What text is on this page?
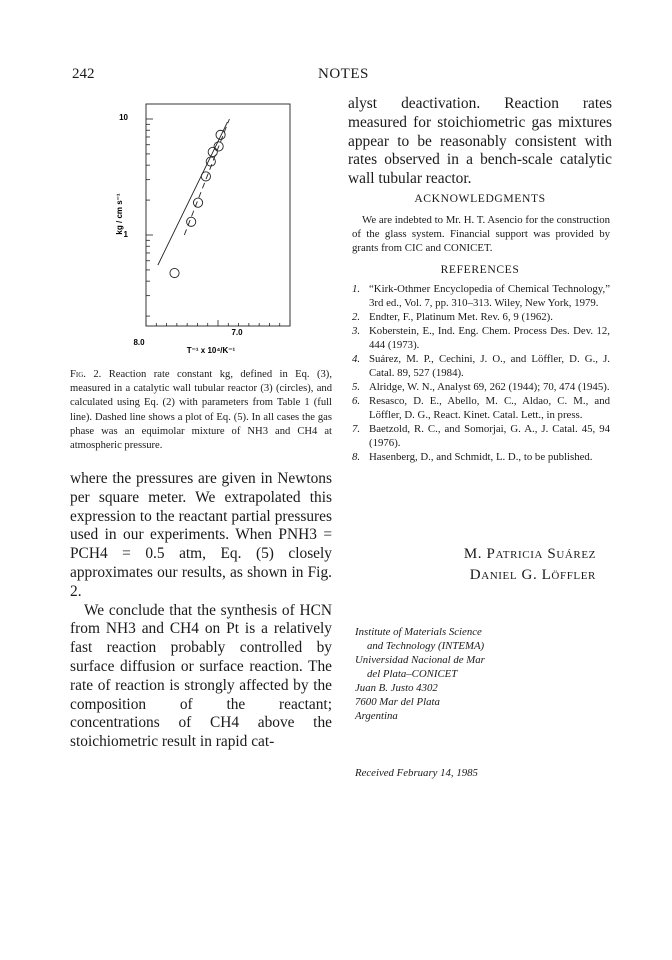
242	NOTES
10
1
8.0
7.0
T⁻¹ x 10⁴/K⁻¹
kg / cm s⁻¹
Fig. 2. Reaction rate constant kg, defined in Eq. (3), measured in a catalytic wall tubular reactor (3) (circles), and calculated using Eq. (2) with parameters from Table 1 (full line). Dashed line shows a plot of Eq. (5). In all cases the gas phase was an equimolar mixture of NH3 and CH4 at atmospheric pressure.

where the pressures are given in Newtons per square meter. We extrapolated this expression to the reactant partial pressures used in our experiments. When PNH3 = PCH4 = 0.5 atm, Eq. (5) closely approximates our results, as shown in Fig. 2.

We conclude that the synthesis of HCN from NH3 and CH4 on Pt is a relatively fast reaction probably controlled by surface diffusion or surface reaction. The rate of reaction is strongly affected by the composition of the reactant; concentrations of CH4 above the stoichiometric result in rapid cat-

alyst deactivation. Reaction rates measured for stoichiometric gas mixtures appear to be reasonably consistent with rates observed in a bench-scale catalytic wall tubular reactor.

ACKNOWLEDGMENTS
We are indebted to Mr. H. T. Asencio for the construction of the glass system. Financial support was provided by grants from CIC and CONICET.
REFERENCES
1. “Kirk-Othmer Encyclopedia of Chemical Technology,” 3rd ed., Vol. 7, pp. 310–313. Wiley, New York, 1979.
2. Endter, F., Platinum Met. Rev. 6, 9 (1962).
3. Koberstein, E., Ind. Eng. Chem. Process Des. Dev. 12, 444 (1973).
4. Suárez, M. P., Cechini, J. O., and Löffler, D. G., J. Catal. 89, 527 (1984).
5. Alridge, W. N., Analyst 69, 262 (1944); 70, 474 (1945).
6. Resasco, D. E., Abello, M. C., Aldao, C. M., and Löffler, D. G., React. Kinet. Catal. Lett., in press.
7. Baetzold, R. C., and Somorjai, G. A., J. Catal. 45, 94 (1976).
8. Hasenberg, D., and Schmidt, L. D., to be published.
M. Patricia Suárez
Daniel G. Löffler
Institute of Materials Science
and Technology (INTEMA)
Universidad Nacional de Mar
del Plata–CONICET
Juan B. Justo 4302
7600 Mar del Plata
Argentina
Received February 14, 1985
